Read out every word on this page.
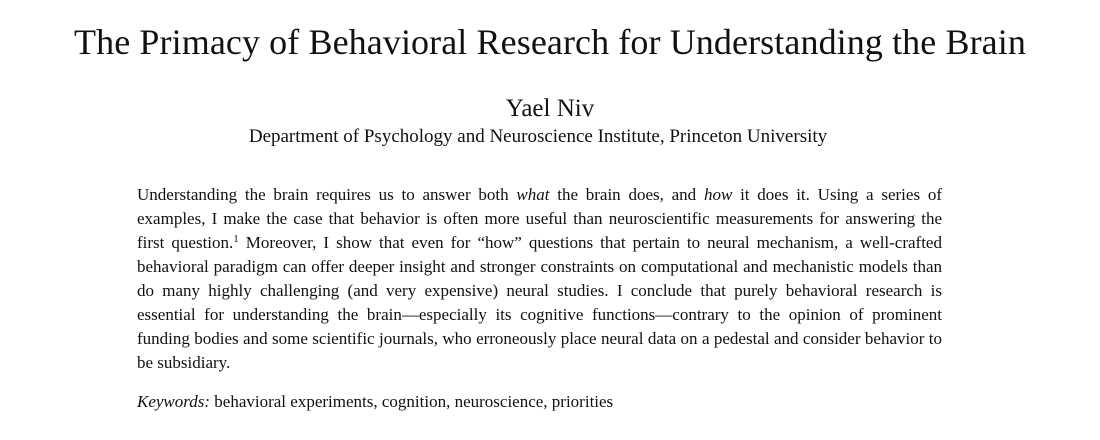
The Primacy of Behavioral Research for Understanding the Brain
Yael Niv
Department of Psychology and Neuroscience Institute, Princeton University

Understanding the brain requires us to answer both what the brain does, and how it does it. Using a series of examples, I make the case that behavior is often more useful than neuroscientific measurements for answering the first question.$^1$ Moreover, I show that even for “how” questions that pertain to neural mechanism, a well-crafted behavioral paradigm can offer deeper insight and stronger constraints on computational and mechanistic models than do many highly challenging (and very expensive) neural studies. I conclude that purely behavioral research is essential for understanding the brain—especially its cognitive functions—contrary to the opinion of prominent funding bodies and some scientific journals, who erroneously place neural data on a pedestal and consider behavior to be subsidiary.

Keywords: behavioral experiments, cognition, neuroscience, priorities
